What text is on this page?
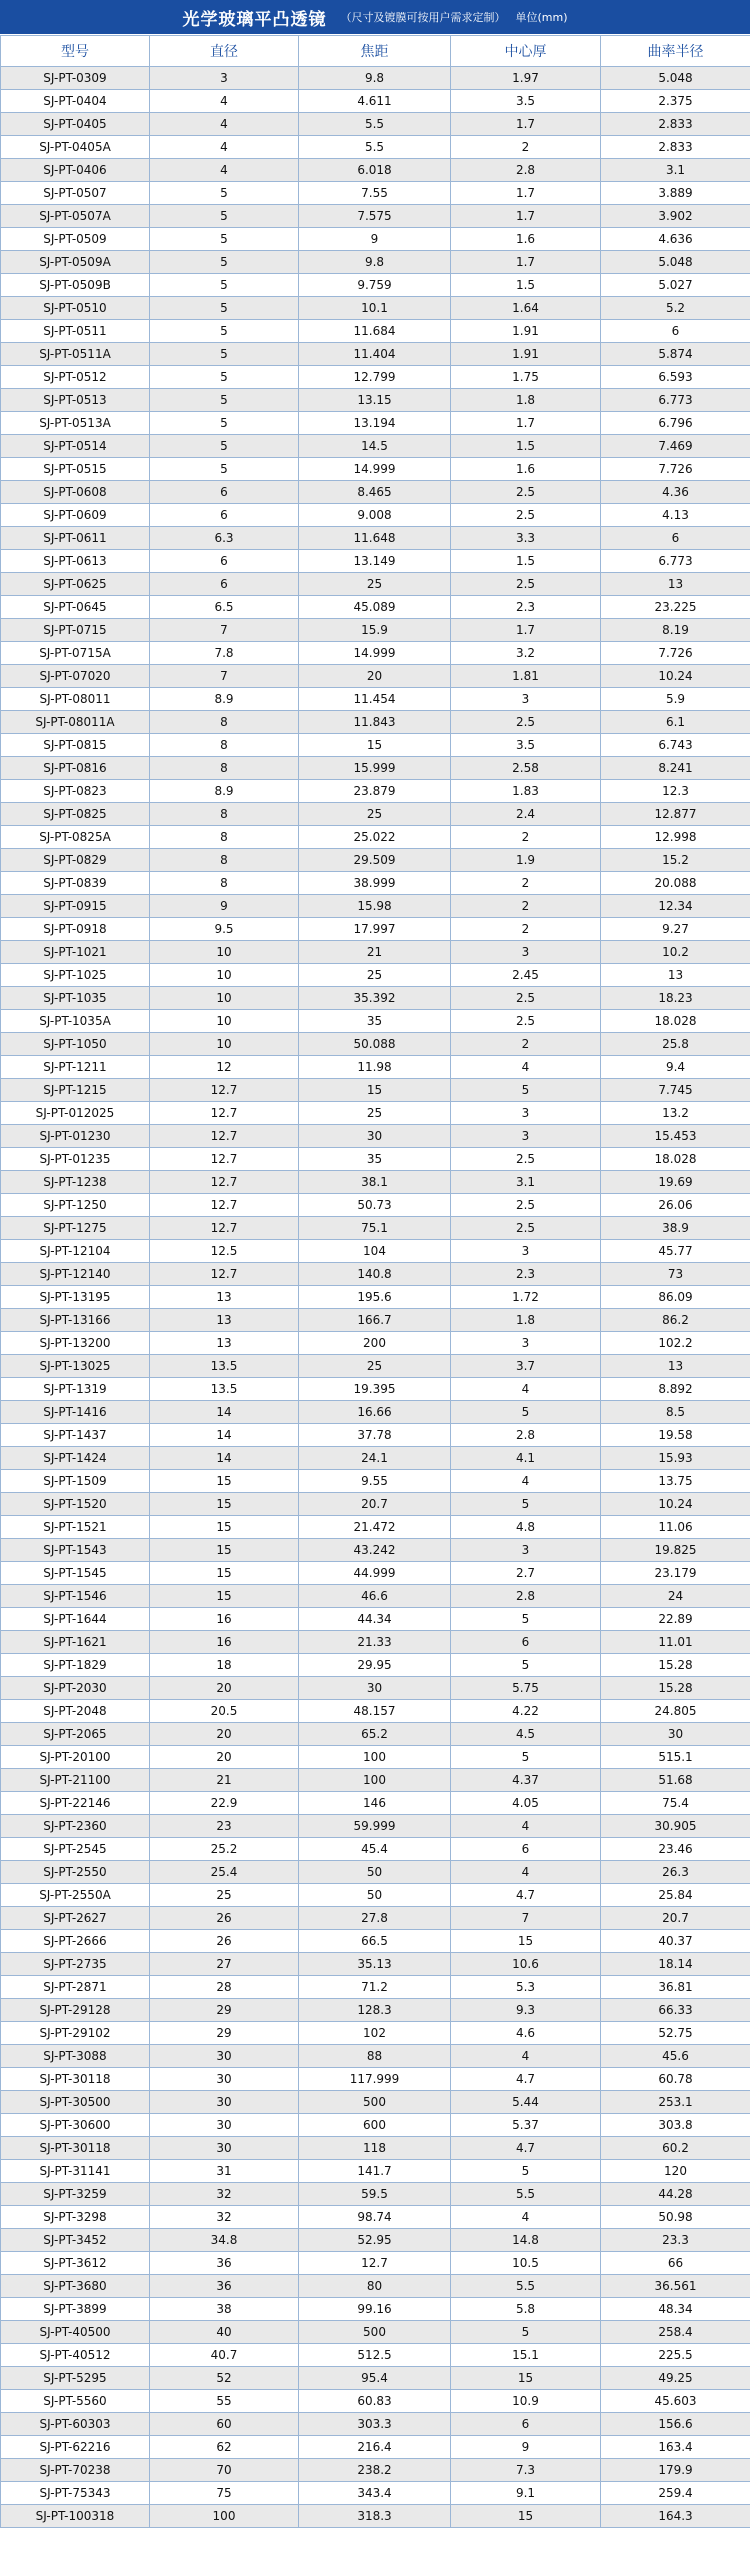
光学玻璃平凸透镜 （尺寸及镀膜可按用户需求定制） 单位(mm)
型号	直径	焦距	中心厚	曲率半径
SJ-PT-0309	3	9.8	1.97	5.048
SJ-PT-0404	4	4.611	3.5	2.375
SJ-PT-0405	4	5.5	1.7	2.833
SJ-PT-0405A	4	5.5	2	2.833
SJ-PT-0406	4	6.018	2.8	3.1
SJ-PT-0507	5	7.55	1.7	3.889
SJ-PT-0507A	5	7.575	1.7	3.902
SJ-PT-0509	5	9	1.6	4.636
SJ-PT-0509A	5	9.8	1.7	5.048
SJ-PT-0509B	5	9.759	1.5	5.027
SJ-PT-0510	5	10.1	1.64	5.2
SJ-PT-0511	5	11.684	1.91	6
SJ-PT-0511A	5	11.404	1.91	5.874
SJ-PT-0512	5	12.799	1.75	6.593
SJ-PT-0513	5	13.15	1.8	6.773
SJ-PT-0513A	5	13.194	1.7	6.796
SJ-PT-0514	5	14.5	1.5	7.469
SJ-PT-0515	5	14.999	1.6	7.726
SJ-PT-0608	6	8.465	2.5	4.36
SJ-PT-0609	6	9.008	2.5	4.13
SJ-PT-0611	6.3	11.648	3.3	6
SJ-PT-0613	6	13.149	1.5	6.773
SJ-PT-0625	6	25	2.5	13
SJ-PT-0645	6.5	45.089	2.3	23.225
SJ-PT-0715	7	15.9	1.7	8.19
SJ-PT-0715A	7.8	14.999	3.2	7.726
SJ-PT-07020	7	20	1.81	10.24
SJ-PT-08011	8.9	11.454	3	5.9
SJ-PT-08011A	8	11.843	2.5	6.1
SJ-PT-0815	8	15	3.5	6.743
SJ-PT-0816	8	15.999	2.58	8.241
SJ-PT-0823	8.9	23.879	1.83	12.3
SJ-PT-0825	8	25	2.4	12.877
SJ-PT-0825A	8	25.022	2	12.998
SJ-PT-0829	8	29.509	1.9	15.2
SJ-PT-0839	8	38.999	2	20.088
SJ-PT-0915	9	15.98	2	12.34
SJ-PT-0918	9.5	17.997	2	9.27
SJ-PT-1021	10	21	3	10.2
SJ-PT-1025	10	25	2.45	13
SJ-PT-1035	10	35.392	2.5	18.23
SJ-PT-1035A	10	35	2.5	18.028
SJ-PT-1050	10	50.088	2	25.8
SJ-PT-1211	12	11.98	4	9.4
SJ-PT-1215	12.7	15	5	7.745
SJ-PT-012025	12.7	25	3	13.2
SJ-PT-01230	12.7	30	3	15.453
SJ-PT-01235	12.7	35	2.5	18.028
SJ-PT-1238	12.7	38.1	3.1	19.69
SJ-PT-1250	12.7	50.73	2.5	26.06
SJ-PT-1275	12.7	75.1	2.5	38.9
SJ-PT-12104	12.5	104	3	45.77
SJ-PT-12140	12.7	140.8	2.3	73
SJ-PT-13195	13	195.6	1.72	86.09
SJ-PT-13166	13	166.7	1.8	86.2
SJ-PT-13200	13	200	3	102.2
SJ-PT-13025	13.5	25	3.7	13
SJ-PT-1319	13.5	19.395	4	8.892
SJ-PT-1416	14	16.66	5	8.5
SJ-PT-1437	14	37.78	2.8	19.58
SJ-PT-1424	14	24.1	4.1	15.93
SJ-PT-1509	15	9.55	4	13.75
SJ-PT-1520	15	20.7	5	10.24
SJ-PT-1521	15	21.472	4.8	11.06
SJ-PT-1543	15	43.242	3	19.825
SJ-PT-1545	15	44.999	2.7	23.179
SJ-PT-1546	15	46.6	2.8	24
SJ-PT-1644	16	44.34	5	22.89
SJ-PT-1621	16	21.33	6	11.01
SJ-PT-1829	18	29.95	5	15.28
SJ-PT-2030	20	30	5.75	15.28
SJ-PT-2048	20.5	48.157	4.22	24.805
SJ-PT-2065	20	65.2	4.5	30
SJ-PT-20100	20	100	5	515.1
SJ-PT-21100	21	100	4.37	51.68
SJ-PT-22146	22.9	146	4.05	75.4
SJ-PT-2360	23	59.999	4	30.905
SJ-PT-2545	25.2	45.4	6	23.46
SJ-PT-2550	25.4	50	4	26.3
SJ-PT-2550A	25	50	4.7	25.84
SJ-PT-2627	26	27.8	7	20.7
SJ-PT-2666	26	66.5	15	40.37
SJ-PT-2735	27	35.13	10.6	18.14
SJ-PT-2871	28	71.2	5.3	36.81
SJ-PT-29128	29	128.3	9.3	66.33
SJ-PT-29102	29	102	4.6	52.75
SJ-PT-3088	30	88	4	45.6
SJ-PT-30118	30	117.999	4.7	60.78
SJ-PT-30500	30	500	5.44	253.1
SJ-PT-30600	30	600	5.37	303.8
SJ-PT-30118	30	118	4.7	60.2
SJ-PT-31141	31	141.7	5	120
SJ-PT-3259	32	59.5	5.5	44.28
SJ-PT-3298	32	98.74	4	50.98
SJ-PT-3452	34.8	52.95	14.8	23.3
SJ-PT-3612	36	12.7	10.5	66
SJ-PT-3680	36	80	5.5	36.561
SJ-PT-3899	38	99.16	5.8	48.34
SJ-PT-40500	40	500	5	258.4
SJ-PT-40512	40.7	512.5	15.1	225.5
SJ-PT-5295	52	95.4	15	49.25
SJ-PT-5560	55	60.83	10.9	45.603
SJ-PT-60303	60	303.3	6	156.6
SJ-PT-62216	62	216.4	9	163.4
SJ-PT-70238	70	238.2	7.3	179.9
SJ-PT-75343	75	343.4	9.1	259.4
SJ-PT-100318	100	318.3	15	164.3
